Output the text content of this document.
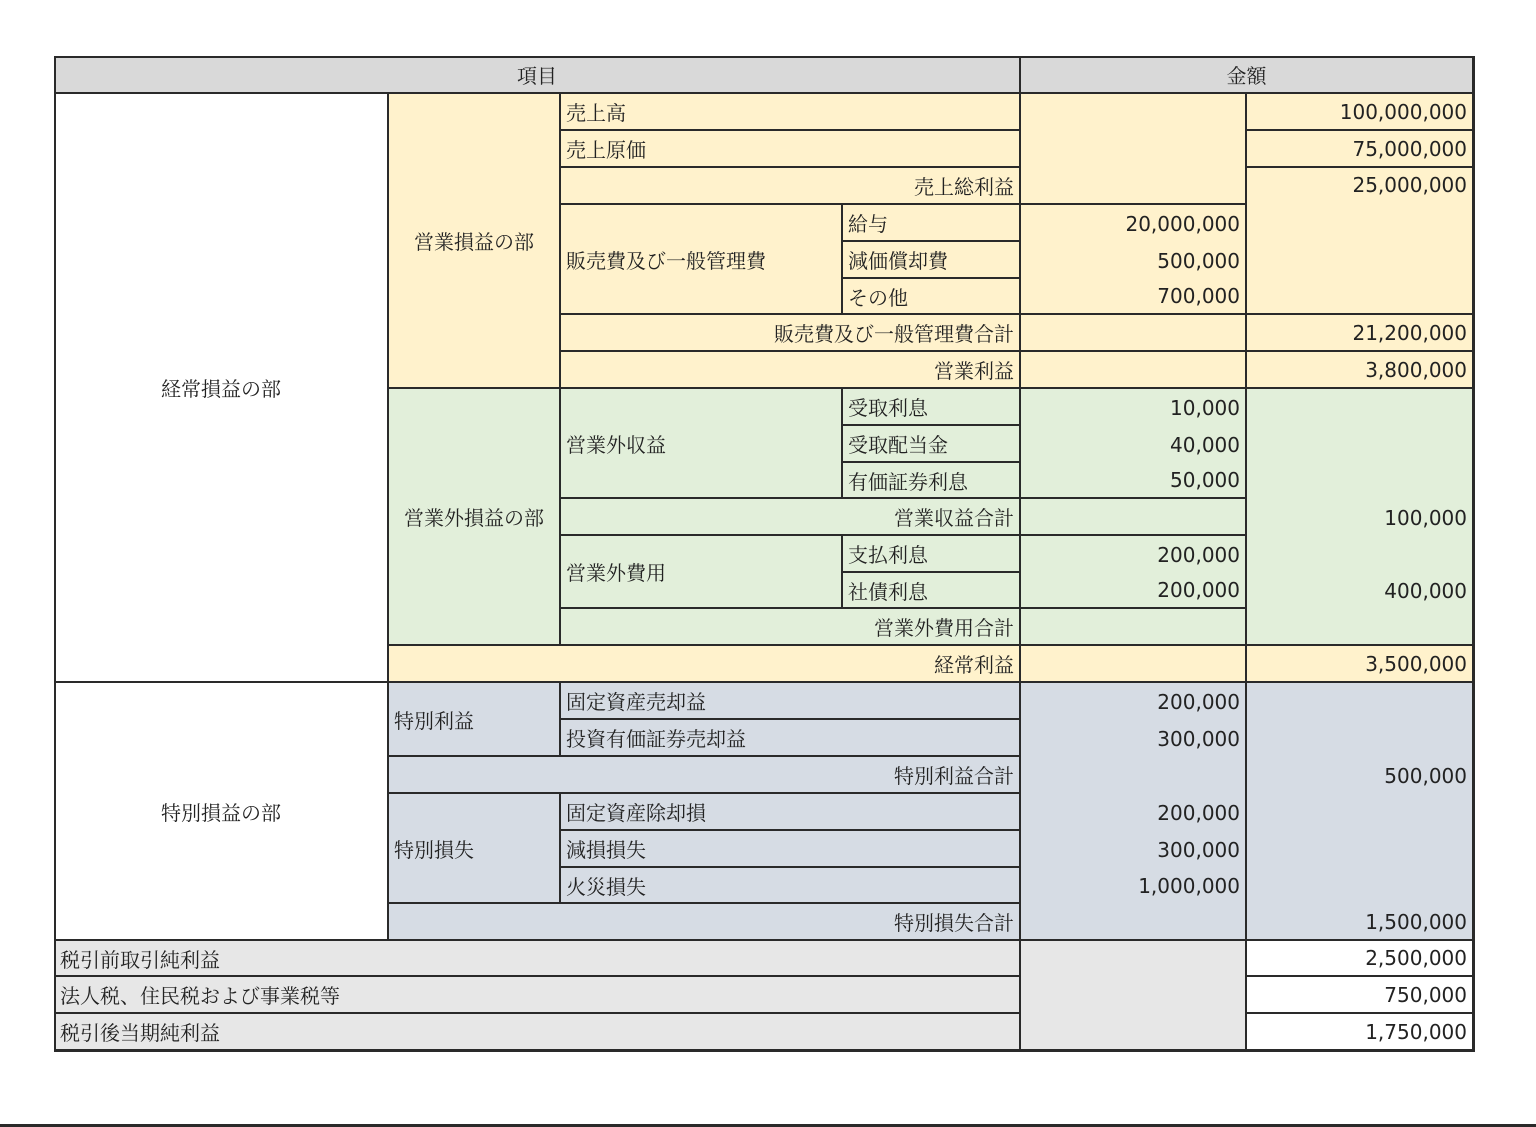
項目	金額
経常損益の部
特別損益の部
営業損益の部
売上高
売上原価
売上総利益
販売費及び一般管理費
給与
減価償却費
その他
販売費及び一般管理費合計
営業利益
20,000,000
500,000
700,000
100,000,000
75,000,000
25,000,000
21,200,000
3,800,000
営業外損益の部
営業外収益
受取利息
受取配当金
有価証券利息
営業収益合計
営業外費用
支払利息
社債利息
営業外費用合計
10,000
40,000
50,000
200,000
200,000
100,000
400,000
経常利益	3,500,000
特別利益
固定資産売却益
投資有価証券売却益
特別利益合計
特別損失
固定資産除却損
減損損失
火災損失
特別損失合計
200,000
300,000
200,000
300,000
1,000,000
500,000
1,500,000
税引前取引純利益
法人税、住民税および事業税等
税引後当期純利益
2,500,000
750,000
1,750,000
